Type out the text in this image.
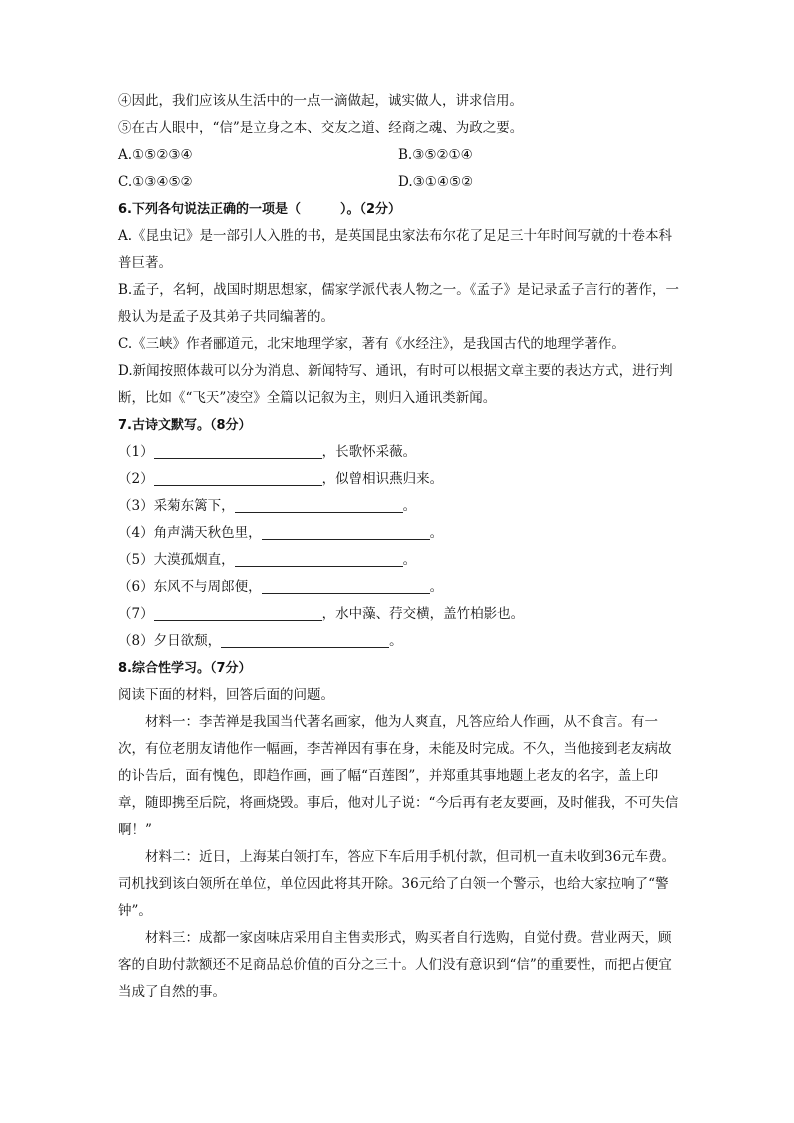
④因此，我们应该从生活中的一点一滴做起，诚实做人，讲求信用。
⑤在古人眼中，“信”是立身之本、交友之道、经商之魂、为政之要。
A.①⑤②③④	B.③⑤②①④
C.①③④⑤②	D.③①④⑤②
6.下列各句说法正确的一项是（　　　）。（2分）
A.《昆虫记》是一部引人入胜的书，是英国昆虫家法布尔花了足足三十年时间写就的十卷本科普巨著。
B.孟子，名轲，战国时期思想家，儒家学派代表人物之一。《孟子》是记录孟子言行的著作，一般认为是孟子及其弟子共同编著的。
C.《三峡》作者郦道元，北宋地理学家，著有《水经注》，是我国古代的地理学著作。
D.新闻按照体裁可以分为消息、新闻特写、通讯，有时可以根据文章主要的表达方式，进行判断，比如《“飞天”凌空》全篇以记叙为主，则归入通讯类新闻。
7.古诗文默写。（8分）
（1）	，长歌怀采薇。
（2）	，似曾相识燕归来。
（3）采菊东篱下，	。
（4）角声满天秋色里，	。
（5）大漠孤烟直，	。
（6）东风不与周郎便，	。
（7）	，水中藻、荇交横，盖竹柏影也。
（8）夕日欲颓，	。
8.综合性学习。（7分）
阅读下面的材料，回答后面的问题。
材料一：李苦禅是我国当代著名画家，他为人爽直，凡答应给人作画，从不食言。有一次，有位老朋友请他作一幅画，李苦禅因有事在身，未能及时完成。不久，当他接到老友病故的讣告后，面有愧色，即趋作画，画了幅“百莲图”，并郑重其事地题上老友的名字，盖上印章，随即携至后院，将画烧毁。事后，他对儿子说：“今后再有老友要画，及时催我，不可失信啊！”
材料二：近日，上海某白领打车，答应下车后用手机付款，但司机一直未收到36元车费。司机找到该白领所在单位，单位因此将其开除。36元给了白领一个警示，也给大家拉响了“警钟”。
材料三：成都一家卤味店采用自主售卖形式，购买者自行选购，自觉付费。营业两天，顾客的自助付款额还不足商品总价值的百分之三十。人们没有意识到“信”的重要性，而把占便宜当成了自然的事。
